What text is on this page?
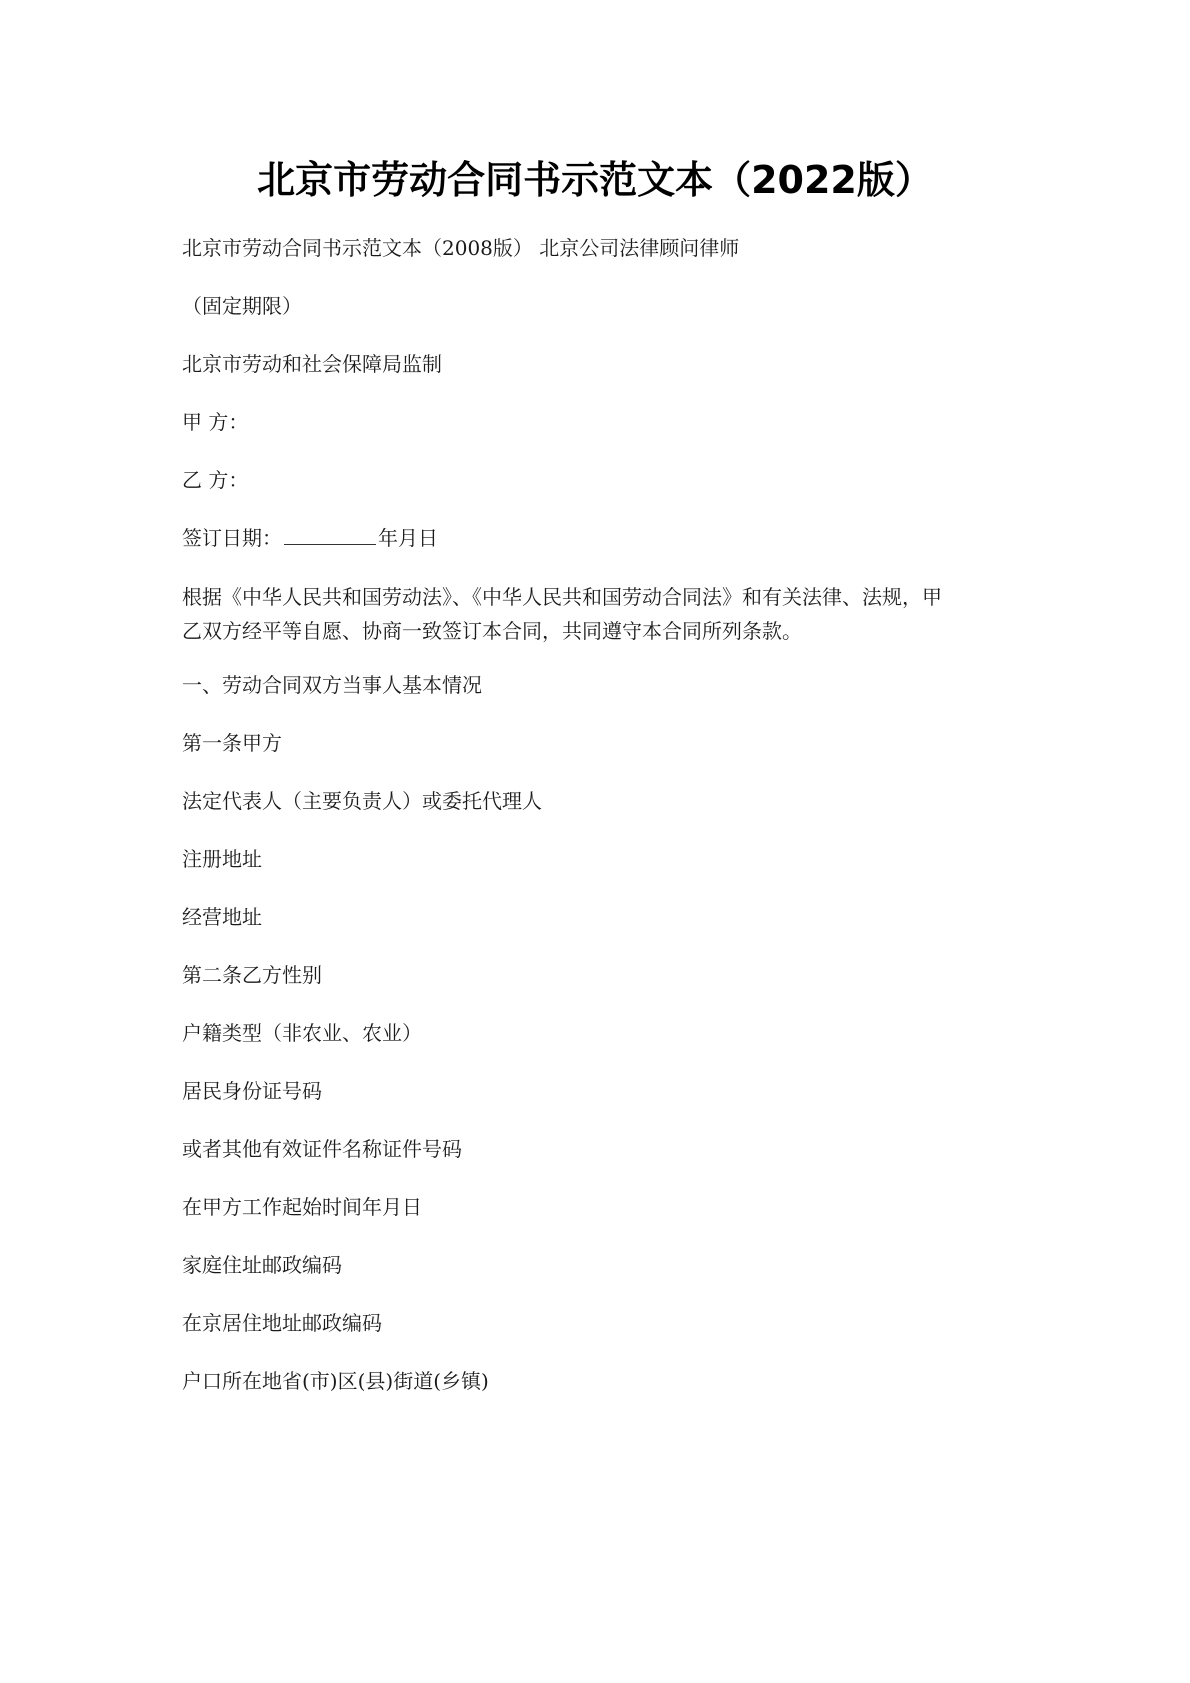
北京市劳动合同书示范文本（2022版）

北京市劳动合同书示范文本（2008版） 北京公司法律顾问律师

（固定期限）

北京市劳动和社会保障局监制

甲 方：

乙 方：

签订日期：	年月日

根据《中华人民共和国劳动法》、《中华人民共和国劳动合同法》和有关法律、法规，甲
乙双方经平等自愿、协商一致签订本合同，共同遵守本合同所列条款。

一、劳动合同双方当事人基本情况

第一条甲方

法定代表人（主要负责人）或委托代理人

注册地址

经营地址

第二条乙方性别

户籍类型（非农业、农业）

居民身份证号码

或者其他有效证件名称证件号码

在甲方工作起始时间年月日

家庭住址邮政编码

在京居住地址邮政编码

户口所在地省(市)区(县)街道(乡镇)
